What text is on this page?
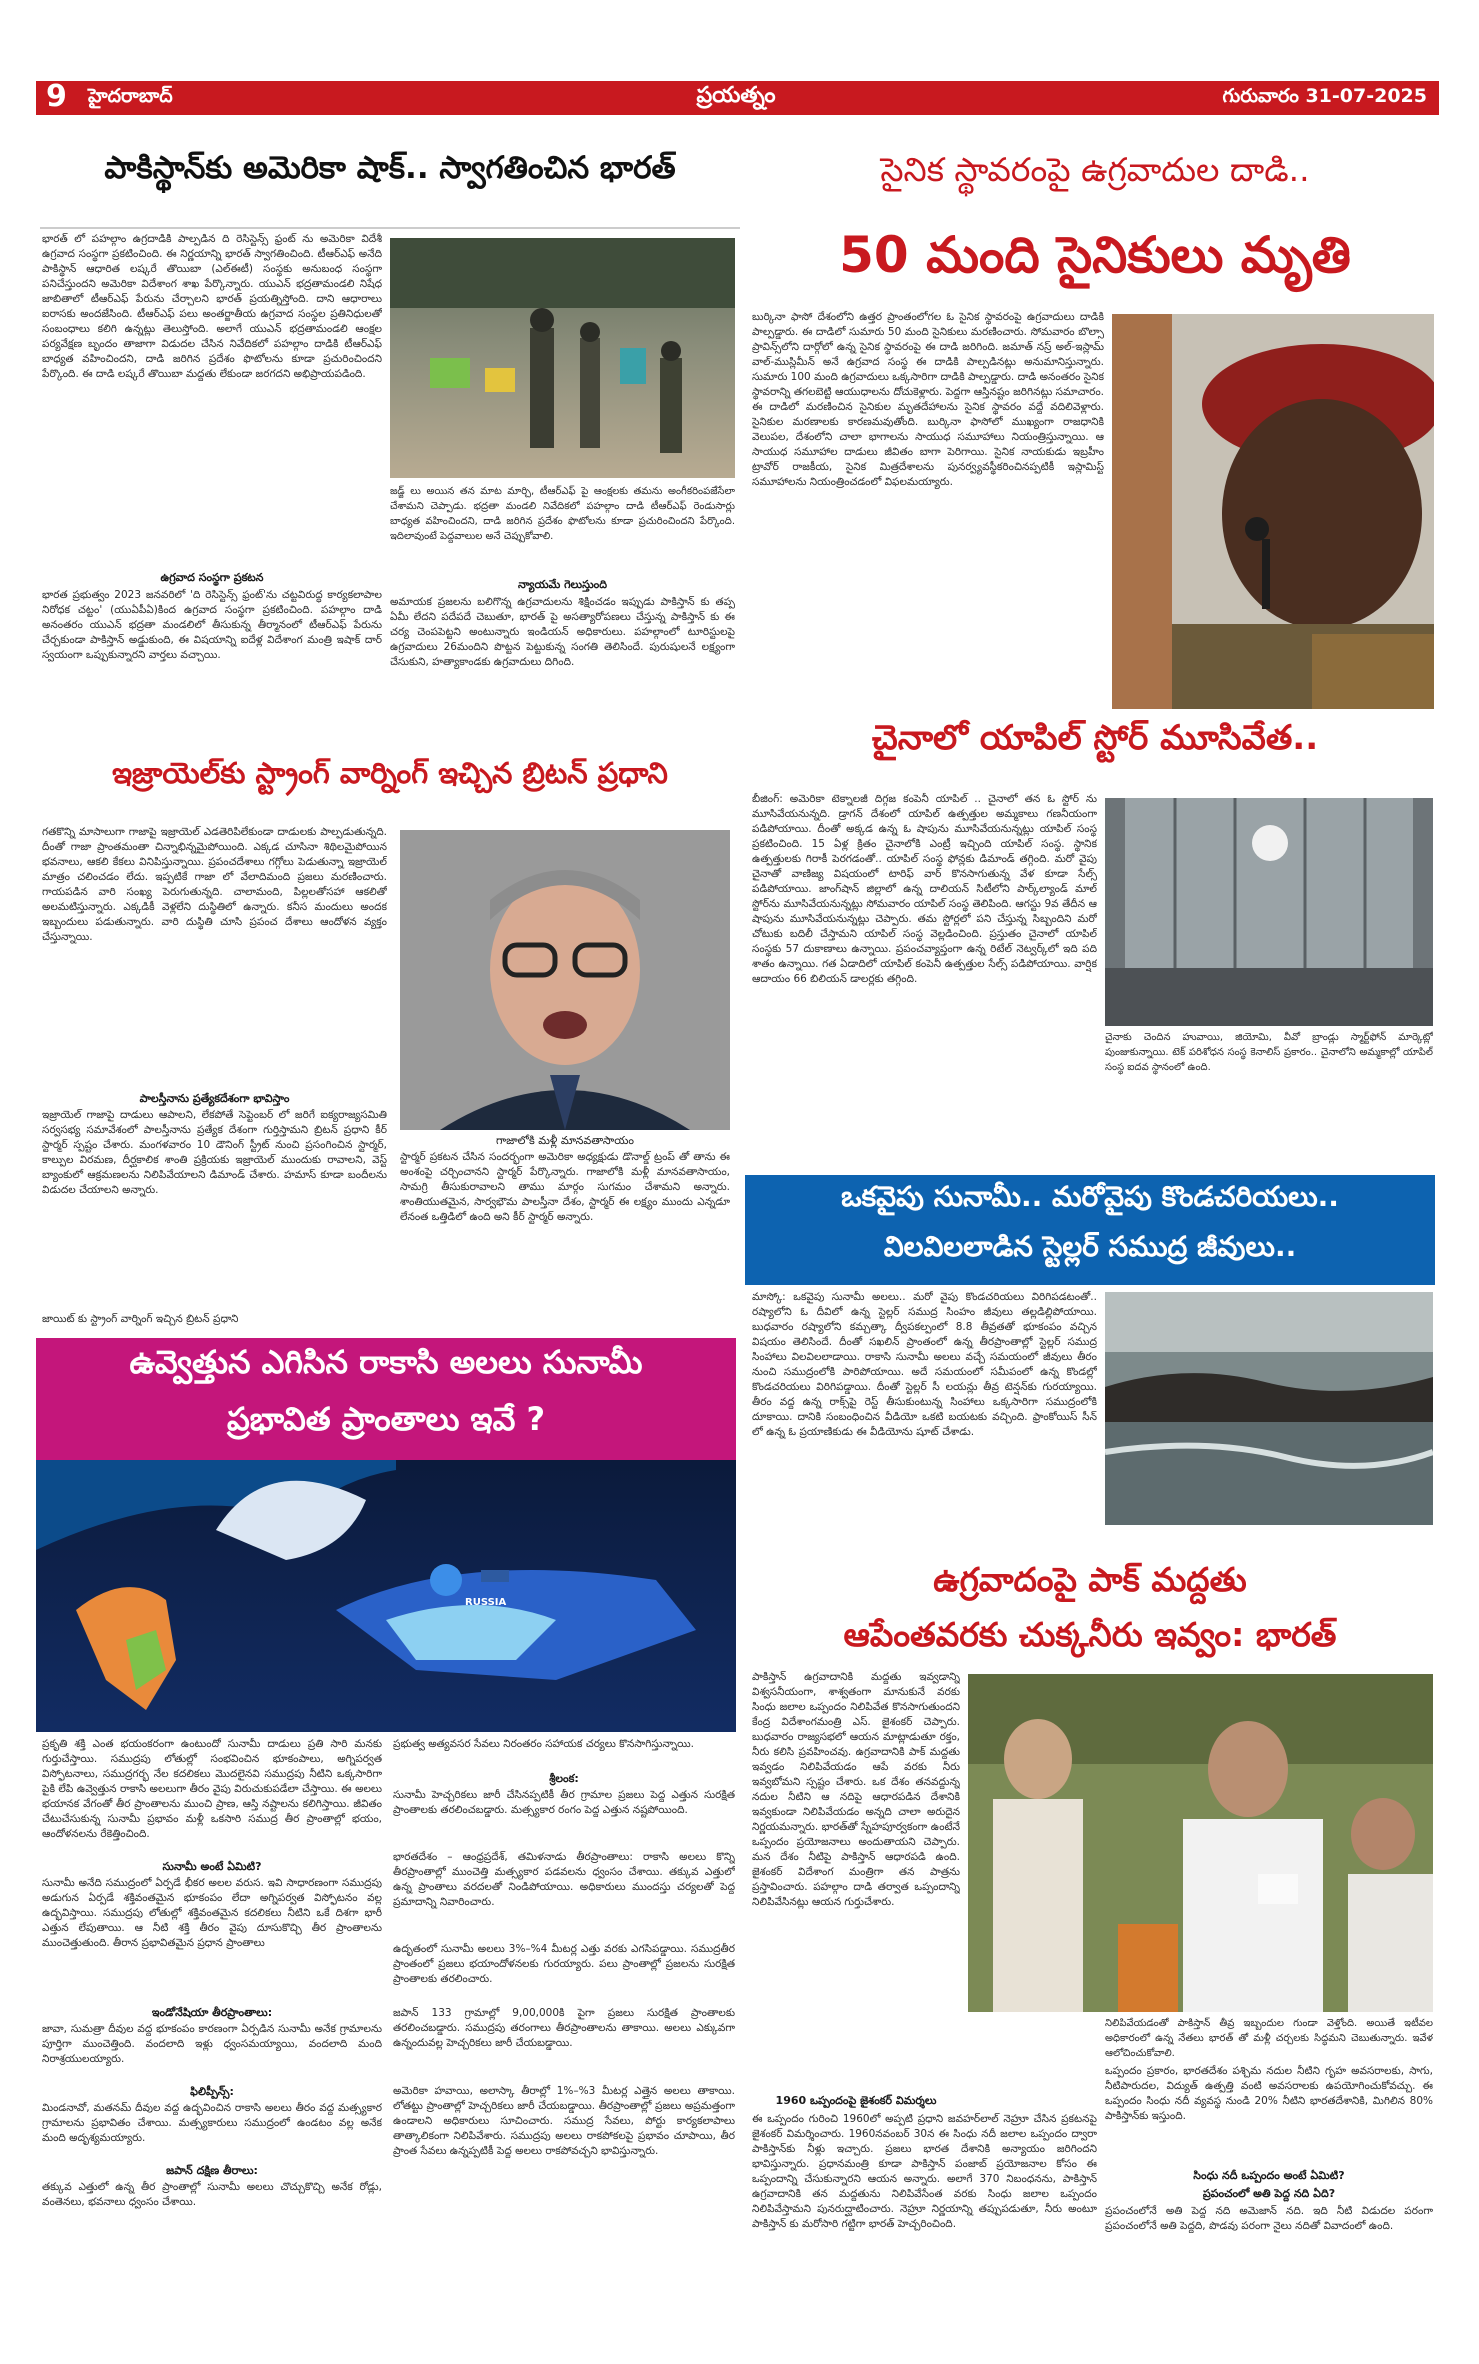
9 హైదరాబాద్	ప్రయత్నం	గురువారం 31-07-2025
పాకిస్థాన్‌కు అమెరికా షాక్.. స్వాగతించిన భారత్
భారత్ లో పహల్గాం ఉగ్రదాడికి పాల్పడిన ది రెసిస్టెన్స్ ఫ్రంట్ ను అమెరికా విదేశీ ఉగ్రవాద సంస్థగా ప్రకటించింది. ఈ నిర్ణయాన్ని భారత్ స్వాగతించింది. టీఆర్ఎఫ్ అనేది పాకిస్థాన్ ఆధారిత లష్కరే తొయిబా (ఎల్ఈటీ) సంస్థకు అనుబంధ సంస్థగా పనిచేస్తుందని అమెరికా విదేశాంగ శాఖ పేర్కొన్నారు. యుఎన్ భద్రతామండలి నిషేధ జాబితాలో టీఆర్ఎఫ్ పేరును చేర్చాలని భారత్ ప్రయత్నిస్తోంది. దాని ఆధారాలు ఐరాసకు అందజేసింది. టీఆర్ఎఫ్ పలు అంతర్జాతీయ ఉగ్రవాద సంస్థల ప్రతినిధులతో సంబంధాలు కలిగి ఉన్నట్లు తెలుస్తోంది. అలాగే యుఎన్ భద్రతామండలి ఆంక్షల పర్యవేక్షణ బృందం తాజాగా విడుదల చేసిన నివేదికలో పహల్గాం దాడికి టీఆర్ఎఫ్ బాధ్యత వహించిందని, దాడి జరిగిన ప్రదేశం ఫొటోలను కూడా ప్రచురించిందని పేర్కొంది. ఈ దాడి లష్కరే తొయిబా మద్దతు లేకుండా జరగదని అభిప్రాయపడింది.
ఉగ్రవాద సంస్థగా ప్రకటన
భారత ప్రభుత్వం 2023 జనవరిలో 'ది రెసిస్టెన్స్ ఫ్రంట్'ను చట్టవిరుద్ధ కార్యకలాపాల నిరోధక చట్టం' (యుఏపీఏ)కింద ఉగ్రవాద సంస్థగా ప్రకటించింది. పహల్గాం దాడి అనంతరం యుఎన్ భద్రతా మండలిలో తీసుకున్న తీర్మానంలో టీఆర్ఎఫ్ పేరును చేర్చకుండా పాకిస్తాన్ అడ్డుకుంది, ఈ విషయాన్ని ఐదేళ్ల విదేశాంగ మంత్రి ఇషాక్ దార్ స్వయంగా ఒప్పుకున్నారని వార్తలు వచ్చాయి.
జడ్జ్ లు అయిన తన మాట మార్చి, టీఆర్ఎఫ్ పై ఆంక్షలకు తమను అంగీకరింపజేసేలా చేశామని చెప్పాడు. భద్రతా మండలి నివేదికలో పహల్గాం దాడి టీఆర్ఎఫ్ రెండుసార్లు బాధ్యత వహించిందని, దాడి జరిగిన ప్రదేశం ఫొటోలను కూడా ప్రచురించిందని పేర్కొంది. ఇదిలావుంటే పెద్దవాలుల అనే చెప్పుకోవాలి.
న్యాయమే గెలుస్తుంది
అమాయక ప్రజలను బలిగొన్న ఉగ్రవాదులను శిక్షించడం ఇప్పుడు పాకిస్తాన్ కు తప్ప ఏమీ లేదని పదేపదే చెబుతూ, భారత్ పై అసత్యారోపణలు చేస్తున్న పాకిస్తాన్ కు ఈ చర్య చెంపపెట్టని అంటున్నారు ఇండియన్ అధికారులు. పహల్గాంలో టూరిస్టులపై ఉగ్రవాదులు 26మందిని పొట్టన పెట్టుకున్న సంగతి తెలిసిందే. పురుషులనే లక్ష్యంగా చేసుకుని, హత్యాకాండకు ఉగ్రవాదులు దిగింది.
సైనిక స్థావరంపై ఉగ్రవాదుల దాడి..
50 మంది సైనికులు మృతి
బుర్కినా ఫాసో దేశంలోని ఉత్తర ప్రాంతంలోగల ఓ సైనిక స్థావరంపై ఉగ్రవాదులు దాడికి పాల్పడ్డారు. ఈ దాడిలో సుమారు 50 మంది సైనికులు మరణించారు. సోమవారం బొల్సా ప్రావిన్స్‌లోని దార్గోలో ఉన్న సైనిక స్థావరంపై ఈ దాడి జరిగింది. జమాత్ నస్ర్ అల్-ఇస్లామ్ వాల్-ముస్లిమీన్ అనే ఉగ్రవాద సంస్థ ఈ దాడికి పాల్పడినట్లు అనుమానిస్తున్నారు. సుమారు 100 మంది ఉగ్రవాదులు ఒక్కసారిగా దాడికి పాల్పడ్డారు. దాడి అనంతరం సైనిక స్థావరాన్ని తగలబెట్టి ఆయుధాలను దోచుకెళ్లారు. పెద్దగా ఆస్తినష్టం జరిగినట్లు సమాచారం. ఈ దాడిలో మరణించిన సైనికుల మృతదేహాలను సైనిక స్థావరం వద్దే వదిలివెళ్లారు. సైనికుల మరణాలకు కారణమవుతోంది. బుర్కినా ఫాసోలో ముఖ్యంగా రాజధానికి వెలుపల, దేశంలోని చాలా భాగాలను సాయుధ సమూహాలు నియంత్రిస్తున్నాయి. ఆ సాయుధ సమూహాల దాడులు జీవితం బాగా పెరిగాయి. సైనిక నాయకుడు ఇబ్రహీం ట్రావోర్ రాజకీయ, సైనిక మిత్రదేశాలను పునర్వ్యవస్థీకరించినప్పటికీ ఇస్లామిస్ట్ సమూహాలను నియంత్రించడంలో విఫలమయ్యారు.
ఇజ్రాయెల్‌కు స్ట్రాంగ్ వార్నింగ్ ఇచ్చిన బ్రిటన్ ప్రధాని
గతకొన్ని మాసాలుగా గాజాపై ఇజ్రాయెల్ ఎడతెరిపిలేకుండా దాడులకు పాల్పడుతున్నది. దీంతో గాజా ప్రాంతమంతా చిన్నాభిన్నమైపోయింది. ఎక్కడ చూసినా శిథిలమైపోయిన భవనాలు, ఆకలి కేకలు వినిపిస్తున్నాయి. ప్రపంచదేశాలు గగ్గోలు పెడుతున్నా ఇజ్రాయెల్ మాత్రం చలించడం లేదు. ఇప్పటికే గాజా లో వేలాదిమంది ప్రజలు మరణించారు. గాయపడిన వారి సంఖ్య పెరుగుతున్నది. చాలామంది, పిల్లలతోసహా ఆకలితో అలమటిస్తున్నారు. ఎక్కడికీ వెళ్లలేని దుస్థితిలో ఉన్నారు. కనీస మందులు అందక ఇబ్బందులు పడుతున్నారు. వారి దుస్థితి చూసి ప్రపంచ దేశాలు ఆందోళన వ్యక్తం చేస్తున్నాయి.
పాలస్తీనాను ప్రత్యేకదేశంగా భావిస్తాం
ఇజ్రాయెల్ గాజాపై దాడులు ఆపాలని, లేకపోతే సెప్టెంబర్ లో జరిగే ఐక్యరాజ్యసమితి సర్వసభ్య సమావేశంలో పాలస్తీనాను ప్రత్యేక దేశంగా గుర్తిస్తామని బ్రిటన్ ప్రధాని కీర్ స్టార్మర్ స్పష్టం చేశారు. మంగళవారం 10 డౌనింగ్ స్ట్రీట్ నుంచి ప్రసంగించిన స్టార్మర్, కాల్పుల విరమణ, దీర్ఘకాలిక శాంతి ప్రక్రియకు ఇజ్రాయెల్ ముందుకు రావాలని, వెస్ట్ బ్యాంకులో ఆక్రమణలను నిలిపివేయాలని డిమాండ్ చేశారు. హమాస్ కూడా బందీలను విడుదల చేయాలని అన్నారు.
జాయిట్ కు స్ట్రాంగ్ వార్నింగ్ ఇచ్చిన బ్రిటన్ ప్రధాని
గాజాలోకి మళ్లీ మానవతాసాయం
స్టార్మర్ ప్రకటన చేసిన సందర్భంగా అమెరికా అధ్యక్షుడు డొనాల్డ్ ట్రంప్ తో తాను ఈ అంశంపై చర్చించానని స్టార్మర్ పేర్కొన్నారు. గాజాలోకి మళ్లీ మానవతాసాయం, సామగ్రి తీసుకురావాలని తాము మార్గం సుగమం చేశామని అన్నారు. శాంతియుతమైన, సార్వభౌమ పాలస్తీనా దేశం, స్టార్మర్ ఈ లక్ష్యం ముందు ఎన్నడూ లేనంత ఒత్తిడిలో ఉంది అని కీర్ స్టార్మర్ అన్నారు.
చైనాలో యాపిల్ స్టోర్ మూసివేత..
బీజింగ్: అమెరికా టెక్నాలజీ దిగ్గజ కంపెనీ యాపిల్ .. చైనాలో తన ఓ స్టోర్ ను మూసివేయనున్నది. డ్రాగన్ దేశంలో యాపిల్ ఉత్పత్తుల అమ్మకాలు గణనీయంగా పడిపోయాయి. దీంతో అక్కడ ఉన్న ఓ షాపును మూసివేయనున్నట్లు యాపిల్ సంస్థ ప్రకటించింది. 15 ఏళ్ల క్రితం చైనాలోకి ఎంట్రీ ఇచ్చింది యాపిల్ సంస్థ. స్థానిక ఉత్పత్తులకు గిరాకీ పెరగడంతో.. యాపిల్ సంస్థ ఫోన్లకు డిమాండ్ తగ్గింది. మరో వైపు చైనాతో వాణిజ్య విషయంలో టారిఫ్ వార్ కొనసాగుతున్న వేళ కూడా సేల్స్ పడిపోయాయి. జాంగ్‌షాన్ జిల్లాలో ఉన్న దాలియన్ సిటీలోని పార్క్‌ల్యాండ్ మాల్ స్టోర్‌ను మూసివేయనున్నట్లు సోమవారం యాపిల్ సంస్థ తెలిపింది. ఆగస్టు 9వ తేదీన ఆ షాపును మూసివేయనున్నట్లు చెప్పారు. తమ స్టోర్లలో పని చేస్తున్న సిబ్బందిని మరో చోటుకు బదిలీ చేస్తామని యాపిల్ సంస్థ వెల్లడించింది. ప్రస్తుతం చైనాలో యాపిల్ సంస్థకు 57 దుకాణాలు ఉన్నాయి. ప్రపంచవ్యాప్తంగా ఉన్న రిటేల్ నెట్వర్క్‌లో ఇది పది శాతం ఉన్నాయి. గత ఏడాదిలో యాపిల్ కంపెనీ ఉత్పత్తుల సేల్స్ పడిపోయాయి. వార్షిక ఆదాయం 66 బిలియన్ డాలర్లకు తగ్గింది.
చైనాకు చెందిన హువాయి, జియోమి, వీవో బ్రాండ్లు స్మార్ట్‌ఫోన్ మార్కెట్లో పుంజుకున్నాయి. టెక్ పరిశోధన సంస్థ కెనాలిస్ ప్రకారం.. చైనాలోని అమ్మకాల్లో యాపిల్ సంస్థ ఐదవ స్థానంలో ఉంది.
ఒకవైపు సునామీ.. మరోవైపు కొండచరియలు..
విలవిలలాడిన స్టెల్లర్ సముద్ర జీవులు..
మాస్కో: ఒకవైపు సునామీ అలలు.. మరో వైపు కొండచరియలు విరిగిపడటంతో.. రష్యాలోని ఓ దీవిలో ఉన్న స్టెల్లర్ సముద్ర సింహం జీవులు తల్లడిల్లిపోయాయి. బుధవారం రష్యాలోని కమ్చత్కా ద్వీపకల్పంలో 8.8 తీవ్రతతో భూకంపం వచ్చిన విషయం తెలిసిందే. దీంతో సఖలిన్ ప్రాంతంలో ఉన్న తీరప్రాంతాల్లో స్టెల్లర్ సముద్ర సింహాలు విలవిలలాడాయి. రాకాసి సునామీ అలలు వచ్చే సమయంలో జీవులు తీరం నుంచి సముద్రంలోకి పారిపోయాయి. అదే సమయంలో సమీపంలో ఉన్న కొండల్లో కొండచరియలు విరిగిపడ్డాయి. దీంతో స్టెల్లర్ సీ లయన్లు తీవ్ర టెన్షన్‌కు గురయ్యాయి. తీరం వద్ద ఉన్న రాక్స్‌పై రెస్ట్ తీసుకుంటున్న సింహాలు ఒక్కసారిగా సముద్రంలోకి దూకాయి. దానికి సంబంధించిన వీడియో ఒకటి బయటకు వచ్చింది. ఫ్రాంకోయిస్ సీన్ లో ఉన్న ఓ ప్రయాణికుడు ఈ వీడియోను షూట్ చేశాడు.
ఉవ్వెత్తున ఎగిసిన రాకాసి అలలు సునామీ
ప్రభావిత ప్రాంతాలు ఇవే ?
RUSSIA
ప్రకృతి శక్తి ఎంత భయంకరంగా ఉంటుందో సునామీ దాడులు ప్రతి సారి మనకు గుర్తుచేస్తాయి. సముద్రపు లోతుల్లో సంభవించిన భూకంపాలు, అగ్నిపర్వత విస్ఫోటనాలు, సముద్రగర్భ నేల కదలికలు మొదలైనవి సముద్రపు నీటిని ఒక్కసారిగా పైకి లేపి ఉవ్వెత్తున రాకాసి అలలుగా తీరం వైపు విరుచుకుపడేలా చేస్తాయి. ఈ అలలు భయానక వేగంతో తీర ప్రాంతాలను ముంచి ప్రాణ, ఆస్తి నష్టాలను కలిగిస్తాయి. జీవితం చేటుచేసుకున్న సునామీ ప్రభావం మళ్లీ ఒకసారి సముద్ర తీర ప్రాంతాల్లో భయం, ఆందోళనలను రేకెత్తించింది.
సునామీ అంటే ఏమిటి?
సునామీ అనేది సముద్రంలో ఏర్పడే భీకర అలల వరుస. ఇవి సాధారణంగా సముద్రపు అడుగున ఏర్పడే శక్తివంతమైన భూకంపం లేదా అగ్నిపర్వత విస్ఫోటనం వల్ల ఉద్భవిస్తాయి. సముద్రపు లోతుల్లో శక్తివంతమైన కదలికలు నీటిని ఒకే దిశగా భారీ ఎత్తున లేపుతాయి. ఆ నీటి శక్తి తీరం వైపు దూసుకొచ్చి తీర ప్రాంతాలను ముంచెత్తుతుంది. తీరాన ప్రభావితమైన ప్రధాన ప్రాంతాలు
ఇండోనేషియా తీరప్రాంతాలు:
జావా, సుమత్రా దీవుల వద్ద భూకంపం కారణంగా ఏర్పడిన సునామీ అనేక గ్రామాలను పూర్తిగా ముంచెత్తింది. వందలాది ఇళ్లు ధ్వంసమయ్యాయి, వందలాది మంది నిరాశ్రయులయ్యారు.
ఫిలిప్పీన్స్:
మిండనావో, మతనమ్ దీవుల వద్ద ఉద్భవించిన రాకాసి అలలు తీరం వద్ద మత్స్యకార గ్రామాలను ప్రభావితం చేశాయి. మత్స్యకారులు సముద్రంలో ఉండటం వల్ల అనేక మంది అదృశ్యమయ్యారు.
జపాన్ దక్షిణ తీరాలు:
తక్కువ ఎత్తులో ఉన్న తీర ప్రాంతాల్లో సునామీ అలలు చొచ్చుకొచ్చి అనేక రోడ్లు, వంతెనలు, భవనాలు ధ్వంసం చేశాయి.
ప్రభుత్వ అత్యవసర సేవలు నిరంతరం సహాయక చర్యలు కొనసాగిస్తున్నాయి.
శ్రీలంక:
సునామీ హెచ్చరికలు జారీ చేసినప్పటికీ తీర గ్రామాల ప్రజలు పెద్ద ఎత్తున సురక్షిత ప్రాంతాలకు తరలించబడ్డారు. మత్స్యకార రంగం పెద్ద ఎత్తున నష్టపోయింది.
భారతదేశం – ఆంధ్రప్రదేశ్, తమిళనాడు తీరప్రాంతాలు: రాకాసి అలలు కొన్ని తీరప్రాంతాల్లో ముంచెత్తి మత్స్యకార పడవలను ధ్వంసం చేశాయి. తక్కువ ఎత్తులో ఉన్న ప్రాంతాలు వరదలతో నిండిపోయాయి. అధికారులు ముందస్తు చర్యలతో పెద్ద ప్రమాదాన్ని నివారించారు.
ఉదృతంలో సునామీ అలలు 3%–%4 మీటర్ల ఎత్తు వరకు ఎగసిపడ్డాయి. సముద్రతీర ప్రాంతంలో ప్రజలు భయాందోళనలకు గురయ్యారు. పలు ప్రాంతాల్లో ప్రజలను సురక్షిత ప్రాంతాలకు తరలించారు.
జపాన్ 133 గ్రామాల్లో 9,00,000కి పైగా ప్రజలు సురక్షిత ప్రాంతాలకు తరలించబడ్డారు. సముద్రపు తరంగాలు తీరప్రాంతాలను తాకాయి. అలలు ఎక్కువగా ఉన్నందువల్ల హెచ్చరికలు జారీ చేయబడ్డాయి.
అమెరికా హవాయి, అలాస్కా తీరాల్లో 1%–%3 మీటర్ల ఎత్తైన అలలు తాకాయి. లోతట్టు ప్రాంతాల్లో హెచ్చరికలు జారీ చేయబడ్డాయి. తీరప్రాంతాల్లో ప్రజలు అప్రమత్తంగా ఉండాలని అధికారులు సూచించారు. సముద్ర సేవలు, పోర్టు కార్యకలాపాలు తాత్కాలికంగా నిలిపివేశారు. సముద్రపు అలలు రాకపోకలపై ప్రభావం చూపాయి, తీర ప్రాంత సేవలు ఉన్నప్పటికీ పెద్ద అలలు రాకపోవచ్చని భావిస్తున్నారు.
ఉగ్రవాదంపై పాక్ మద్దతు
ఆపేంతవరకు చుక్కనీరు ఇవ్వం: భారత్
పాకిస్తాన్ ఉగ్రవాదానికి మద్దతు ఇవ్వడాన్ని విశ్వసనీయంగా, శాశ్వతంగా మానుకునే వరకు సింధు జలాల ఒప్పందం నిలిపివేత కొనసాగుతుందని కేంద్ర విదేశాంగమంత్రి ఎస్. జైశంకర్ చెప్పారు. బుధవారం రాజ్యసభలో ఆయన మాట్లాడుతూ రక్తం, నీరు కలిసి ప్రవహించవు. ఉగ్రవాదానికి పాక్ మద్దతు ఇవ్వడం నిలిపివేయడం ఆపే వరకు నీరు ఇవ్వబోమని స్పష్టం చేశారు. ఒక దేశం తనవద్దున్న నదుల నీటిని ఆ నదిపై ఆధారపడిన దేశానికి ఇవ్వకుండా నిలిపివేయడం అన్నది చాలా అరుదైన నిర్ణయమన్నారు. భారత్‌తో స్నేహపూర్వకంగా ఉంటేనే ఒప్పందం ప్రయోజనాలు అందుతాయని చెప్పారు. మన దేశం నీటిపై పాకిస్తాన్ ఆధారపడి ఉంది. జైశంకర్ విదేశాంగ మంత్రిగా తన పాత్రను ప్రస్తావించారు. పహల్గాం దాడి తర్వాత ఒప్పందాన్ని నిలిపివేసినట్లు ఆయన గుర్తుచేశారు.
1960 ఒప్పందంపై జైశంకర్ విమర్శలు
ఈ ఒప్పందం గురించి 1960లో అప్పటి ప్రధాని జవహర్‌లాల్ నెహ్రూ చేసిన ప్రకటనపై జైశంకర్ విమర్శించారు. 1960నవంబర్ 30న ఈ సింధు నదీ జలాల ఒప్పందం ద్వారా పాకిస్తాన్‌కు నీళ్లు ఇచ్చారు. ప్రజలు భారత దేశానికి అన్యాయం జరిగిందని భావిస్తున్నారు. ప్రధానమంత్రి కూడా పాకిస్తాన్ పంజాబ్ ప్రయోజనాల కోసం ఈ ఒప్పందాన్ని చేసుకున్నారని ఆయన అన్నారు. అలాగే 370 నిబంధనను, పాకిస్తాన్ ఉగ్రవాదానికి తన మద్దతును నిలిపివేసేంత వరకు సింధు జలాల ఒప్పందం నిలిపివేస్తామని పునరుద్ఘాటించారు. నెహ్రూ నిర్ణయాన్ని తప్పుపడుతూ, నీరు అంటూ పాకిస్తాన్ కు మరోసారి గట్టిగా భారత్ హెచ్చరించింది.
నిలిపివేయడంతో పాకిస్తాన్ తీవ్ర ఇబ్బందుల గుండా వెళ్తోంది. అయితే ఇటీవల అధికారంలో ఉన్న నేతలు భారత్ తో మళ్లీ చర్చలకు సిద్ధమని చెబుతున్నారు. ఇవేళ ఆలోచించుకోవాలి.
ఒప్పందం ప్రకారం, భారతదేశం పశ్చిమ నదుల నీటిని గృహ అవసరాలకు, సాగు, నీటిపారుదల, విద్యుత్ ఉత్పత్తి వంటి అవసరాలకు ఉపయోగించుకోవచ్చు. ఈ ఒప్పందం సింధు నదీ వ్యవస్థ నుండి 20% నీటిని భారతదేశానికి, మిగిలిన 80% పాకిస్తాన్‌కు ఇస్తుంది.
సింధు నదీ ఒప్పందం అంటే ఏమిటి?
ప్రపంచంలో అతి పెద్ద నది ఏది?
ప్రపంచంలోనే అతి పెద్ద నది అమెజాన్ నది. ఇది నీటి విడుదల పరంగా ప్రపంచంలోనే అతి పెద్దది, పొడవు పరంగా నైలు నదితో వివాదంలో ఉంది.
